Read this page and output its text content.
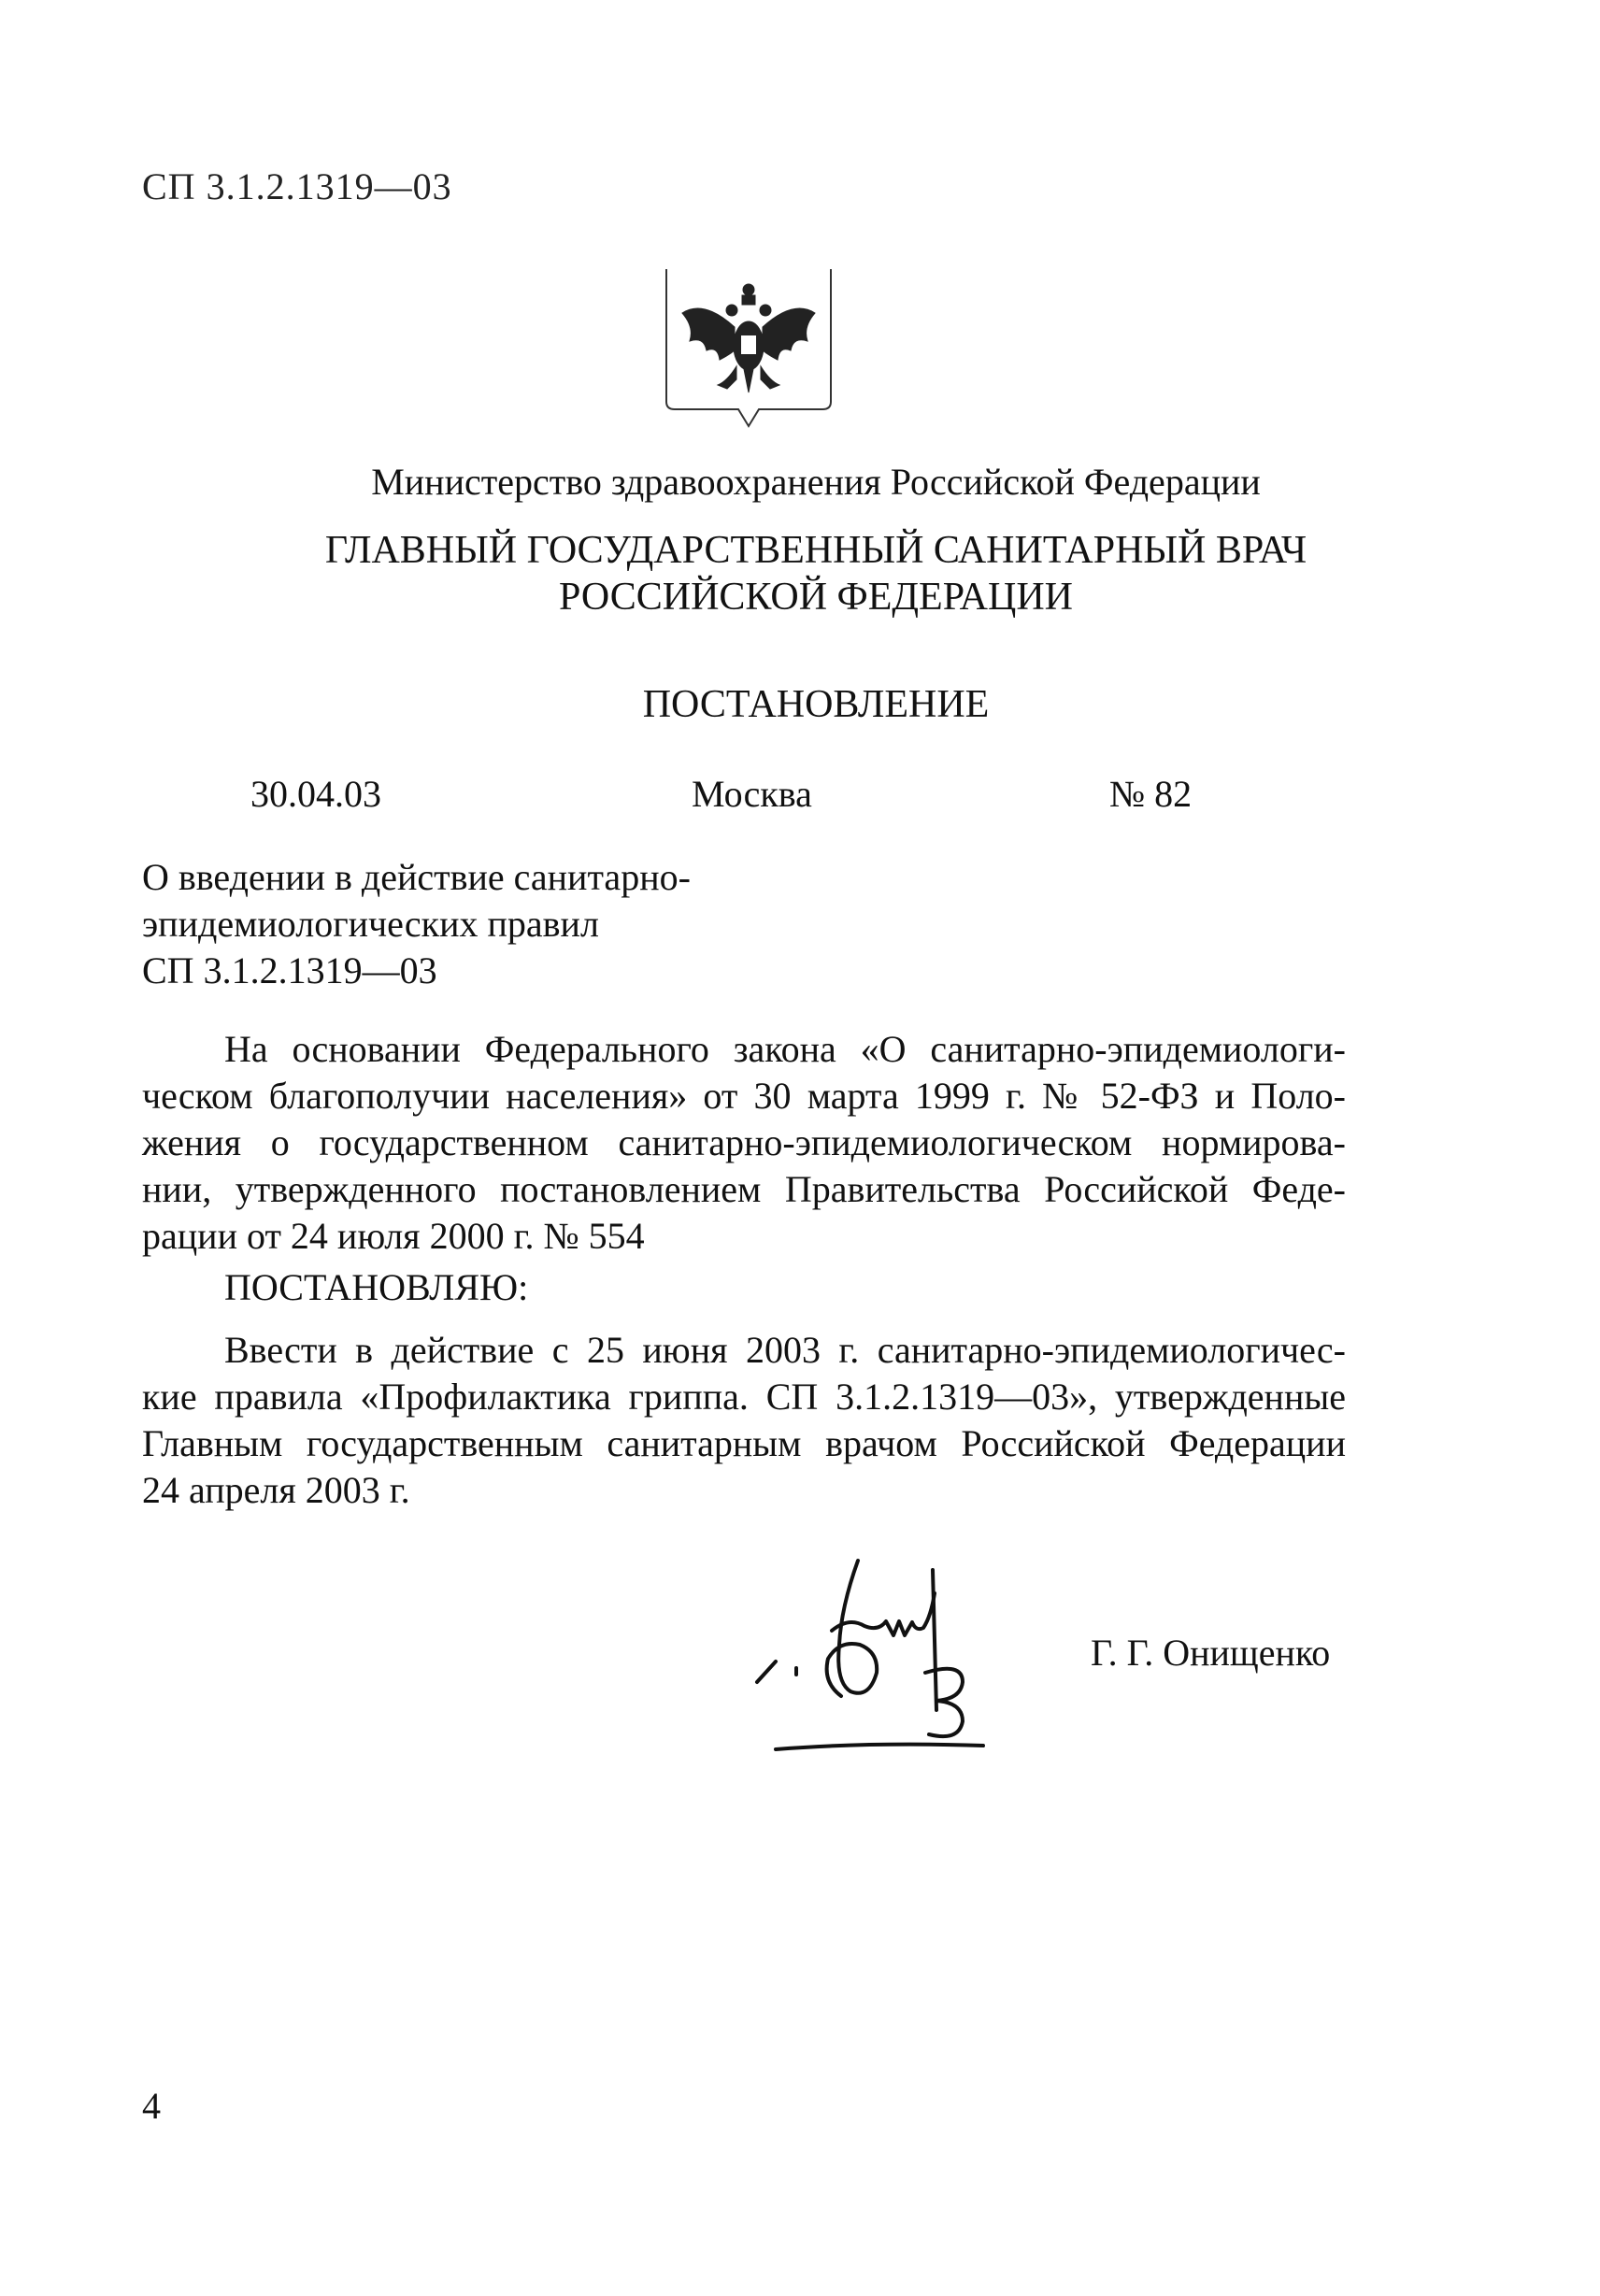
СП 3.1.2.1319—03
Министерство здравоохранения Российской Федерации
ГЛАВНЫЙ ГОСУДАРСТВЕННЫЙ САНИТАРНЫЙ ВРАЧ
РОССИЙСКОЙ ФЕДЕРАЦИИ
ПОСТАНОВЛЕНИЕ
30.04.03	Москва	№ 82
О введении в действие санитарно-
эпидемиологических правил
СП 3.1.2.1319—03
На основании Федерального закона «О санитарно-эпидемиологи-
ческом благополучии населения» от 30 марта 1999 г. № 52-ФЗ и Поло-
жения о государственном санитарно-эпидемиологическом нормирова-
нии, утвержденного постановлением Правительства Российской Феде-
рации от 24 июля 2000 г. № 554
ПОСТАНОВЛЯЮ:
Ввести в действие с 25 июня 2003 г. санитарно-эпидемиологичес-
кие правила «Профилактика гриппа. СП 3.1.2.1319—03», утвержденные
Главным государственным санитарным врачом Российской Федерации
24 апреля 2003 г.
Г. Г. Онищенко
4
